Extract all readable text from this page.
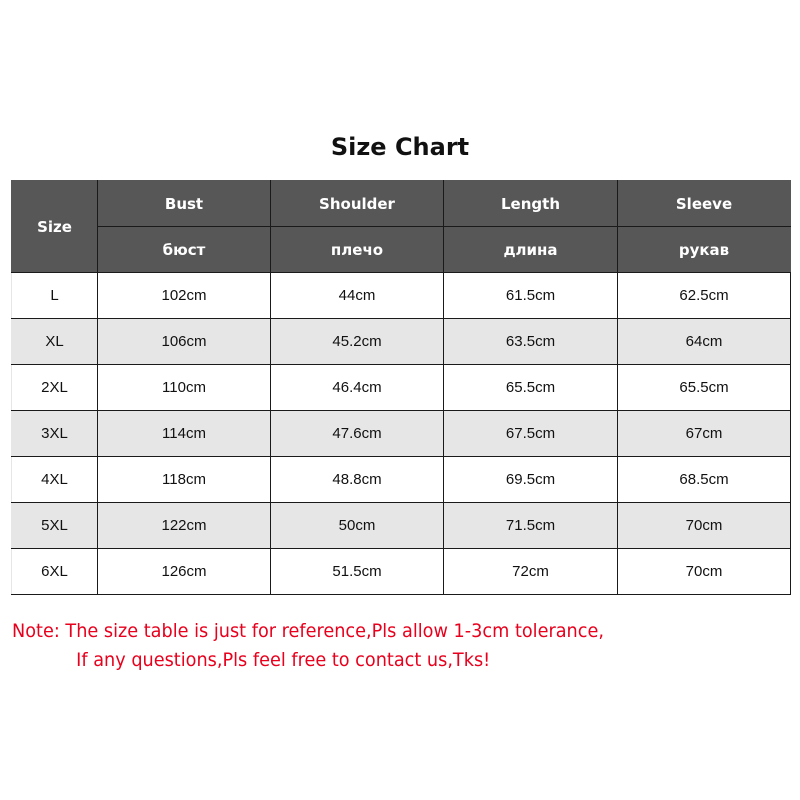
Size Chart
Size	Bust	Shoulder	Length	Sleeve
	бюст	плечо	длина	рукав
L	102cm	44cm	61.5cm	62.5cm
XL	106cm	45.2cm	63.5cm	64cm
2XL	110cm	46.4cm	65.5cm	65.5cm
3XL	114cm	47.6cm	67.5cm	67cm
4XL	118cm	48.8cm	69.5cm	68.5cm
5XL	122cm	50cm	71.5cm	70cm
6XL	126cm	51.5cm	72cm	70cm
Note: The size table is just for reference,Pls allow 1-3cm tolerance,
If any questions,Pls feel free to contact us,Tks!
